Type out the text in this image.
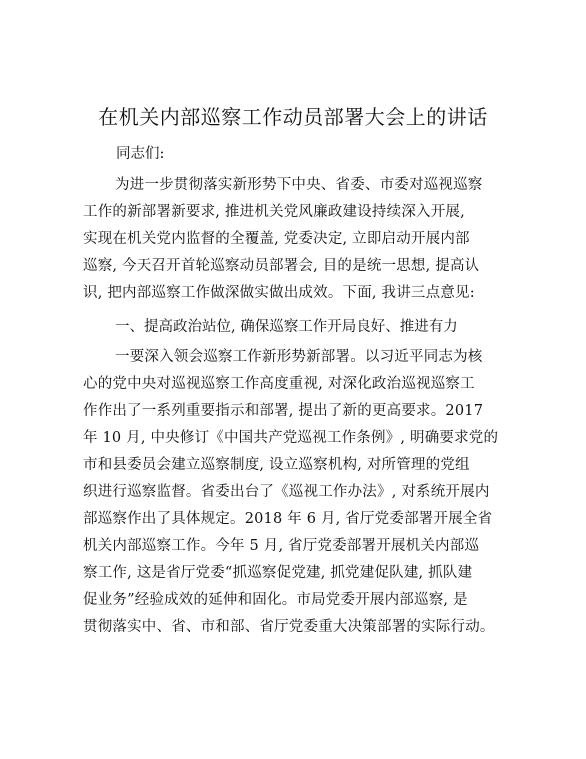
在机关内部巡察工作动员部署大会上的讲话
同志们:
为进一步贯彻落实新形势下中央、省委、市委对巡视巡察
工作的新部署新要求, 推进机关党风廉政建设持续深入开展,
实现在机关党内监督的全覆盖, 党委决定, 立即启动开展内部
巡察, 今天召开首轮巡察动员部署会, 目的是统一思想, 提高认
识, 把内部巡察工作做深做实做出成效。下面, 我讲三点意见:
一、提高政治站位, 确保巡察工作开局良好、推进有力
一要深入领会巡察工作新形势新部署。以习近平同志为核
心的党中央对巡视巡察工作高度重视, 对深化政治巡视巡察工
作作出了一系列重要指示和部署, 提出了新的更高要求。2017
年 10 月, 中央修订《中国共产党巡视工作条例》, 明确要求党的
市和县委员会建立巡察制度, 设立巡察机构, 对所管理的党组
织进行巡察监督。省委出台了《巡视工作办法》, 对系统开展内
部巡察作出了具体规定。2018 年 6 月, 省厅党委部署开展全省
机关内部巡察工作。今年 5 月, 省厅党委部署开展机关内部巡
察工作, 这是省厅党委“抓巡察促党建, 抓党建促队建, 抓队建
促业务”经验成效的延伸和固化。市局党委开展内部巡察, 是
贯彻落实中、省、市和部、省厅党委重大决策部署的实际行动。
